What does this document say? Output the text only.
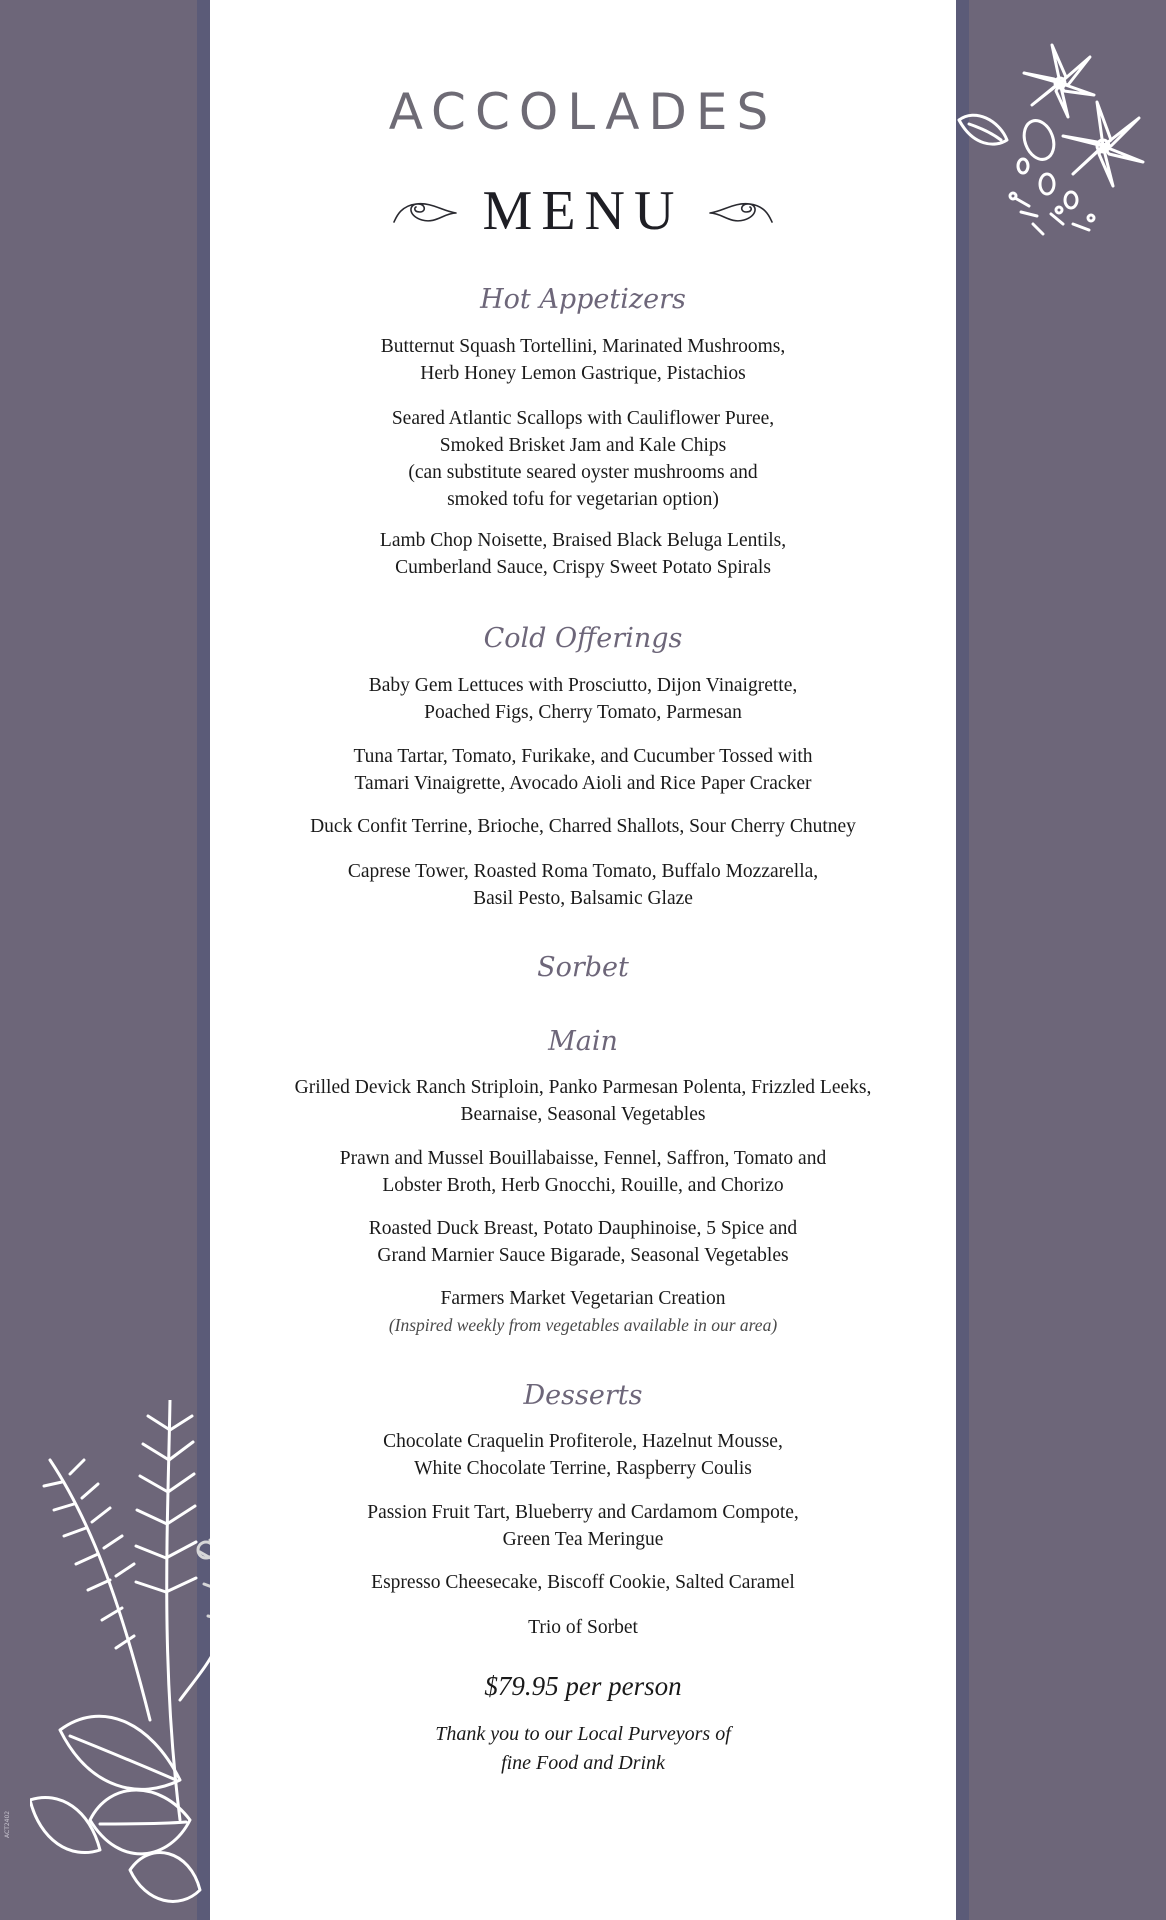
ACCOLADES
MENU
Hot Appetizers
Butternut Squash Tortellini, Marinated Mushrooms,
Herb Honey Lemon Gastrique, Pistachios
Seared Atlantic Scallops with Cauliflower Puree,
Smoked Brisket Jam and Kale Chips
(can substitute seared oyster mushrooms and
smoked tofu for vegetarian option)
Lamb Chop Noisette, Braised Black Beluga Lentils,
Cumberland Sauce, Crispy Sweet Potato Spirals
Cold Offerings
Baby Gem Lettuces with Prosciutto, Dijon Vinaigrette,
Poached Figs, Cherry Tomato, Parmesan
Tuna Tartar, Tomato, Furikake, and Cucumber Tossed with
Tamari Vinaigrette, Avocado Aioli and Rice Paper Cracker
Duck Confit Terrine, Brioche, Charred Shallots, Sour Cherry Chutney
Caprese Tower, Roasted Roma Tomato, Buffalo Mozzarella,
Basil Pesto, Balsamic Glaze
Sorbet
Main
Grilled Devick Ranch Striploin, Panko Parmesan Polenta, Frizzled Leeks,
Bearnaise, Seasonal Vegetables
Prawn and Mussel Bouillabaisse, Fennel, Saffron, Tomato and
Lobster Broth, Herb Gnocchi, Rouille, and Chorizo
Roasted Duck Breast, Potato Dauphinoise, 5 Spice and
Grand Marnier Sauce Bigarade, Seasonal Vegetables
Farmers Market Vegetarian Creation
(Inspired weekly from vegetables available in our area)
Desserts
Chocolate Craquelin Profiterole, Hazelnut Mousse,
White Chocolate Terrine, Raspberry Coulis
Passion Fruit Tart, Blueberry and Cardamom Compote,
Green Tea Meringue
Espresso Cheesecake, Biscoff Cookie, Salted Caramel
Trio of Sorbet
$79.95 per person
Thank you to our Local Purveyors of
fine Food and Drink
ACT2402
